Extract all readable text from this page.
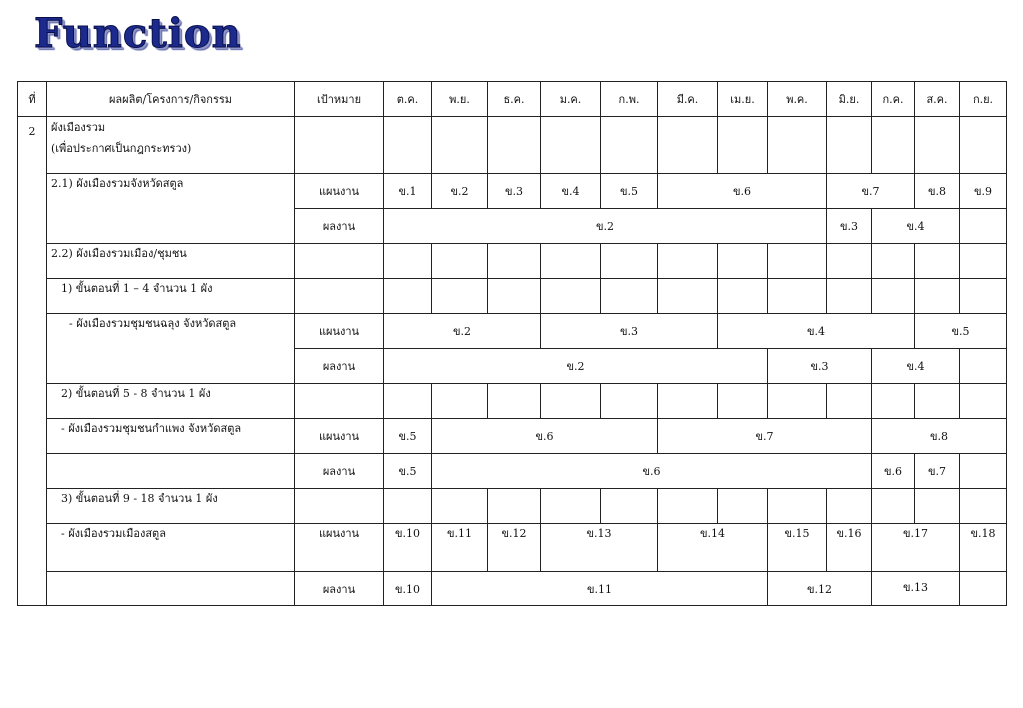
Function
ที่	ผลผลิต/โครงการ/กิจกรรม	เป้าหมาย	ต.ค.	พ.ย.	ธ.ค.	ม.ค.	ก.พ.	มี.ค.	เม.ย.	พ.ค.	มิ.ย.	ก.ค.	ส.ค.	ก.ย.
2	ผังเมืองรวม
(เพื่อประกาศเป็นกฎกระทรวง)													

	2.1) ผังเมืองรวมจังหวัดสตูล	แผนงาน	ข.1	ข.2	ข.3	ข.4	ข.5	ข.6			ข.7		ข.8	ข.9
		ผลงาน	ข.2								ข.3	ข.4		
	2.2) ผังเมืองรวมเมือง/ชุมชน													
	1) ขั้นตอนที่ 1 – 4 จำนวน 1 ผัง													
	- ผังเมืองรวมชุมชนฉลุง จังหวัดสตูล	แผนงาน	ข.2			ข.3			ข.4				ข.5	
		ผลงาน	ข.2							ข.3		ข.4		
	2) ขั้นตอนที่ 5 - 8 จำนวน 1 ผัง													
	- ผังเมืองรวมชุมชนกำแพง จังหวัดสตูล	แผนงาน	ข.5	ข.6				ข.7				ข.8		
		ผลงาน	ข.5	ข.6								ข.6	ข.7	
	3) ขั้นตอนที่ 9 - 18 จำนวน 1 ผัง													
	- ผังเมืองรวมเมืองสตูล	แผนงาน	ข.10	ข.11	ข.12	ข.13		ข.14		ข.15	ข.16	ข.17		ข.18
		ผลงาน	ข.10	ข.11						ข.12		ข.13		
